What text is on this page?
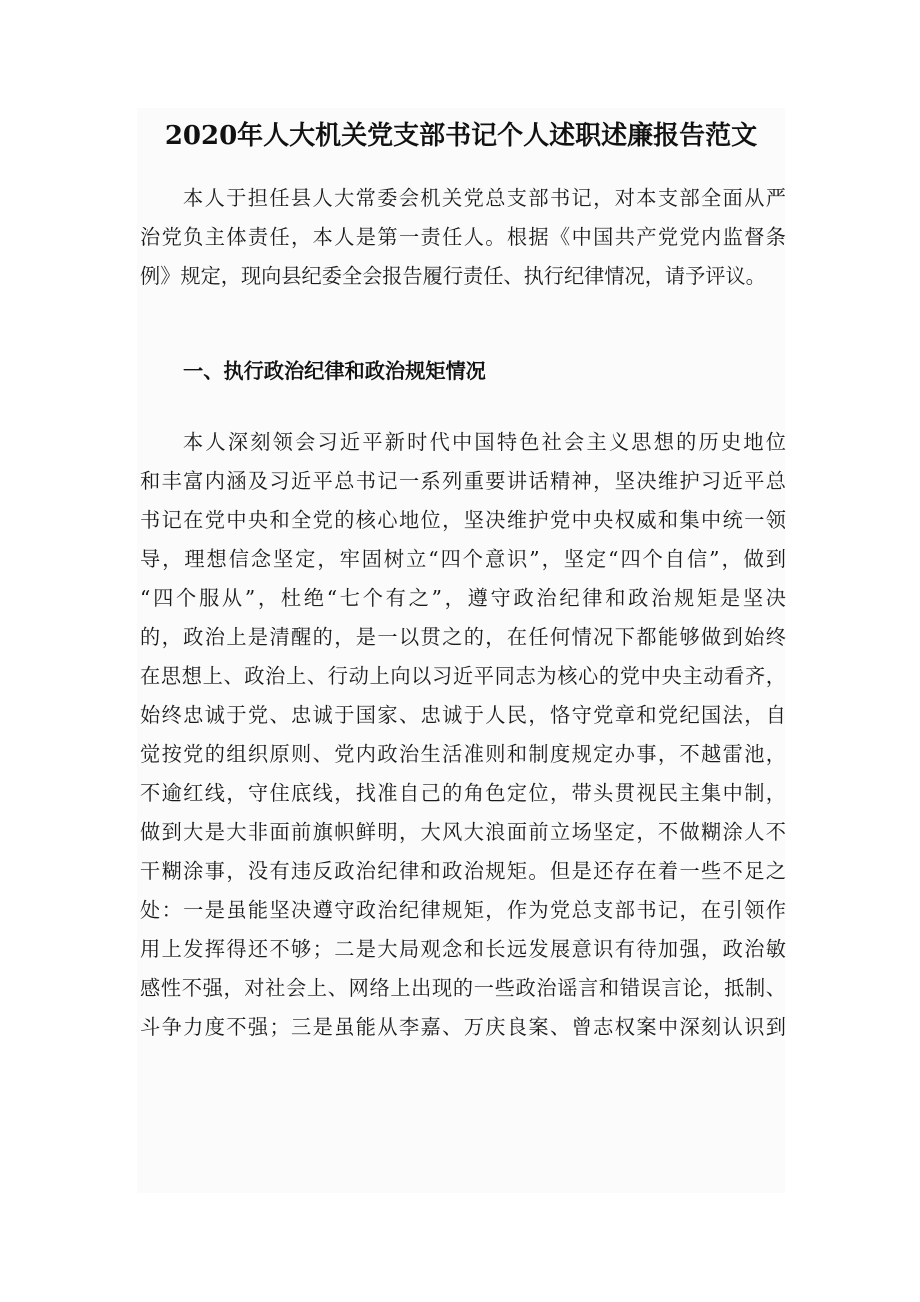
2020年人大机关党支部书记个人述职述廉报告范文
本人于担任县人大常委会机关党总支部书记，对本支部全面从严
治党负主体责任，本人是第一责任人。根据《中国共产党党内监督条
例》规定，现向县纪委全会报告履行责任、执行纪律情况，请予评议。
一、执行政治纪律和政治规矩情况
本人深刻领会习近平新时代中国特色社会主义思想的历史地位
和丰富内涵及习近平总书记一系列重要讲话精神，坚决维护习近平总
书记在党中央和全党的核心地位，坚决维护党中央权威和集中统一领
导，理想信念坚定，牢固树立“四个意识”，坚定“四个自信”，做到
“四个服从”，杜绝“七个有之”，遵守政治纪律和政治规矩是坚决
的，政治上是清醒的，是一以贯之的，在任何情况下都能够做到始终
在思想上、政治上、行动上向以习近平同志为核心的党中央主动看齐，
始终忠诚于党、忠诚于国家、忠诚于人民，恪守党章和党纪国法，自
觉按党的组织原则、党内政治生活准则和制度规定办事，不越雷池，
不逾红线，守住底线，找准自己的角色定位，带头贯视民主集中制，
做到大是大非面前旗帜鲜明，大风大浪面前立场坚定，不做糊涂人不
干糊涂事，没有违反政治纪律和政治规矩。但是还存在着一些不足之
处：一是虽能坚决遵守政治纪律规矩，作为党总支部书记，在引领作
用上发挥得还不够；二是大局观念和长远发展意识有待加强，政治敏
感性不强，对社会上、网络上出现的一些政治谣言和错误言论，抵制、
斗争力度不强；三是虽能从李嘉、万庆良案、曾志权案中深刻认识到
